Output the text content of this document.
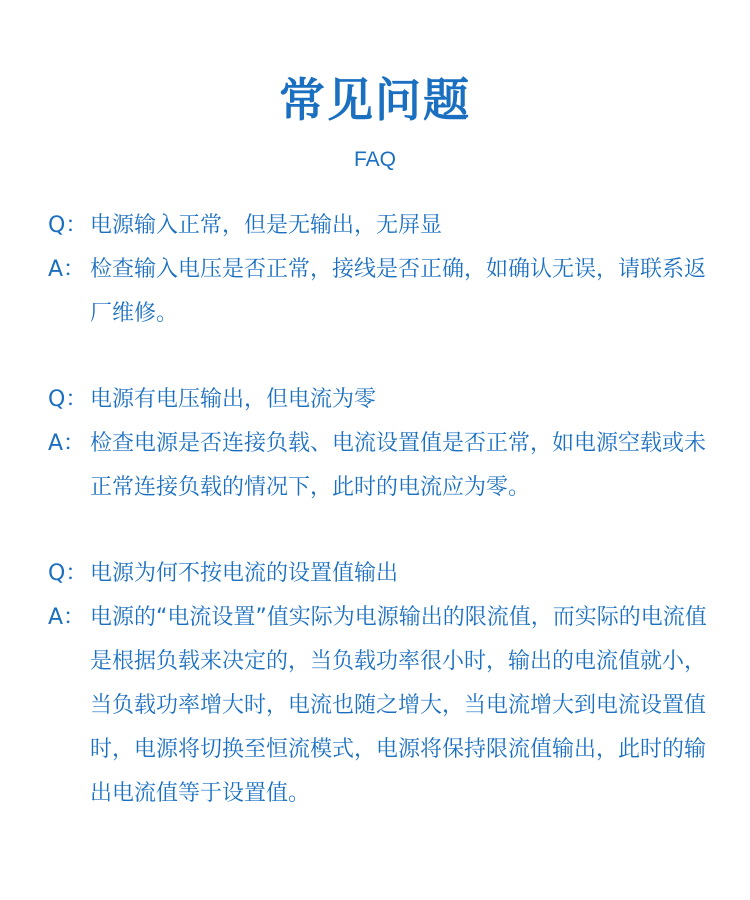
常见问题
FAQ
Q： 电源输入正常，但是无输出，无屏显
A： 检查输入电压是否正常，接线是否正确，如确认无误，请联系返厂维修。
Q： 电源有电压输出，但电流为零
A： 检查电源是否连接负载、电流设置值是否正常，如电源空载或未正常连接负载的情况下，此时的电流应为零。
Q： 电源为何不按电流的设置值输出
A： 电源的“电流设置”值实际为电源输出的限流值，而实际的电流值是根据负载来决定的，当负载功率很小时，输出的电流值就小，当负载功率增大时，电流也随之增大，当电流增大到电流设置值时，电源将切换至恒流模式，电源将保持限流值输出，此时的输出电流值等于设置值。
